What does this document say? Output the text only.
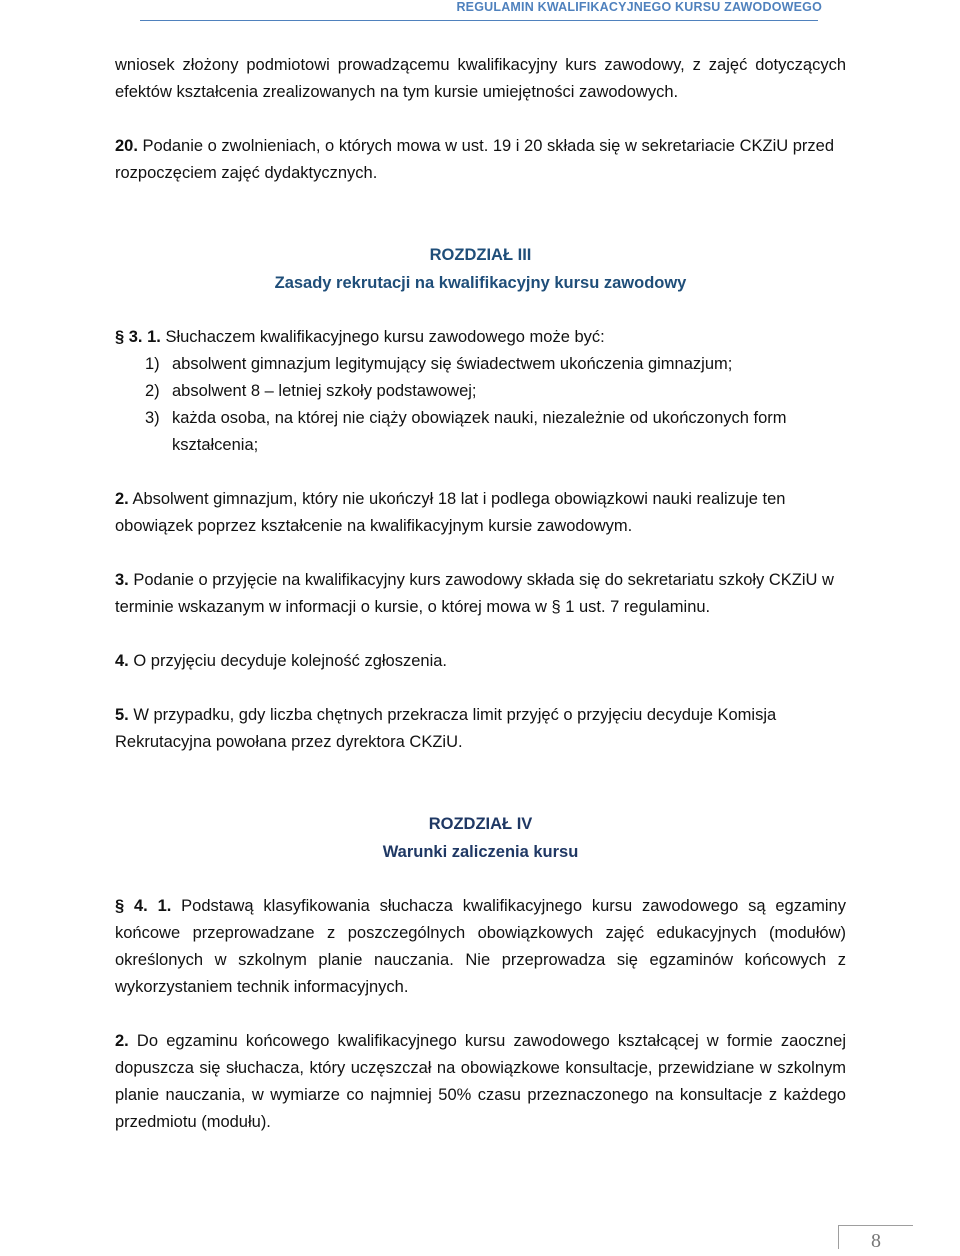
REGULAMIN KWALIFIKACYJNEGO KURSU ZAWODOWEGO

wniosek złożony podmiotowi prowadzącemu kwalifikacyjny kurs zawodowy, z zajęć dotyczących efektów kształcenia zrealizowanych na tym kursie umiejętności zawodowych.

20. Podanie o zwolnieniach, o których mowa w ust. 19 i 20 składa się w sekretariacie CKZiU przed rozpoczęciem zajęć dydaktycznych.

ROZDZIAŁ III
Zasady rekrutacji na kwalifikacyjny kursu zawodowy

§ 3. 1. Słuchaczem kwalifikacyjnego kursu zawodowego może być:

1) absolwent gimnazjum legitymujący się świadectwem ukończenia gimnazjum;
2) absolwent 8 – letniej szkoły podstawowej;
3) każda osoba, na której nie ciąży obowiązek nauki, niezależnie od ukończonych form kształcenia;

2. Absolwent gimnazjum, który nie ukończył 18 lat i podlega obowiązkowi nauki realizuje ten obowiązek poprzez kształcenie na kwalifikacyjnym kursie zawodowym.

3. Podanie o przyjęcie na kwalifikacyjny kurs zawodowy składa się do sekretariatu szkoły CKZiU w terminie wskazanym w informacji o kursie, o której mowa w § 1 ust. 7 regulaminu.

4. O przyjęciu decyduje kolejność zgłoszenia.

5. W przypadku, gdy liczba chętnych przekracza limit przyjęć o przyjęciu decyduje Komisja Rekrutacyjna powołana przez dyrektora CKZiU.

ROZDZIAŁ IV
Warunki zaliczenia kursu

§ 4. 1. Podstawą klasyfikowania słuchacza kwalifikacyjnego kursu zawodowego są egzaminy końcowe przeprowadzane z poszczególnych obowiązkowych zajęć edukacyjnych (modułów) określonych w szkolnym planie nauczania. Nie przeprowadza się egzaminów końcowych z wykorzystaniem technik informacyjnych.

2. Do egzaminu końcowego kwalifikacyjnego kursu zawodowego kształcącej w formie zaocznej dopuszcza się słuchacza, który uczęszczał na obowiązkowe konsultacje, przewidziane w szkolnym planie nauczania, w wymiarze co najmniej 50% czasu przeznaczonego na konsultacje z każdego przedmiotu (modułu).

8
